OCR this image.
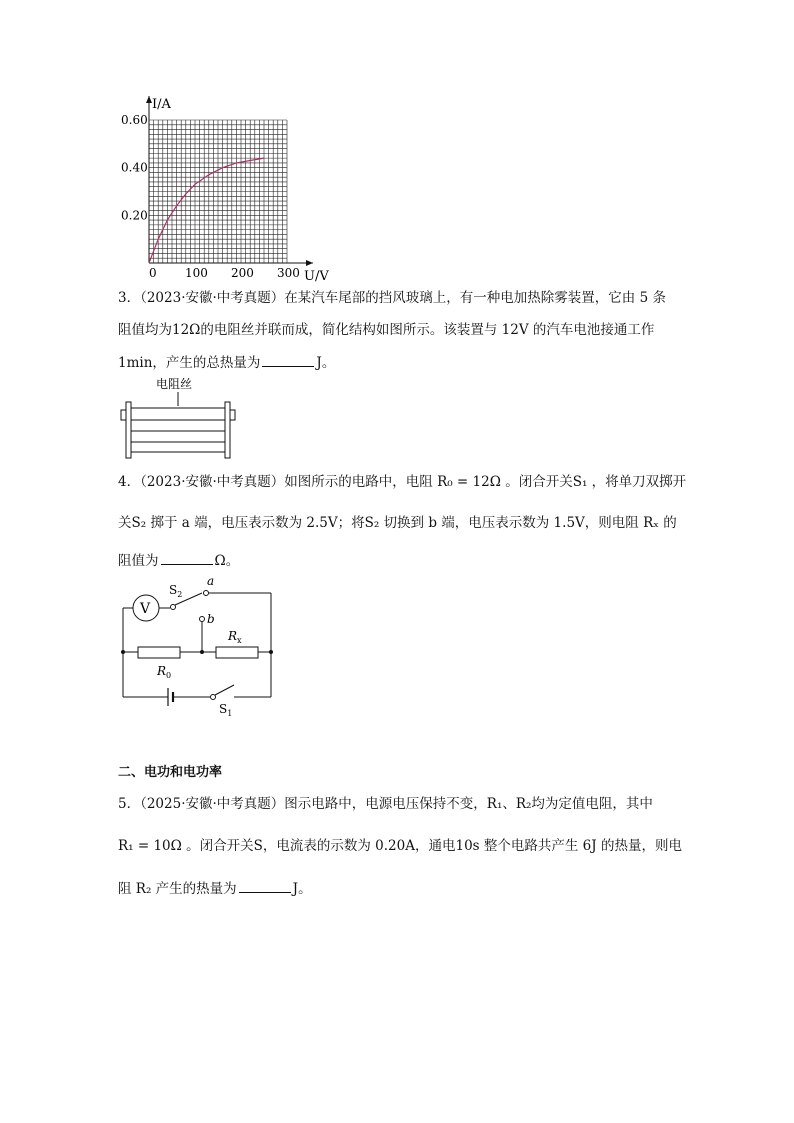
0 100 200 300
0.20
0.40
0.60
I/A
U/V
3．（2023·安徽·中考真题）在某汽车尾部的挡风玻璃上，有一种电加热除雾装置，它由 5 条
阻值均为12Ω的电阻丝并联而成，简化结构如图所示。该装置与 12V 的汽车电池接通工作
1min，产生的总热量为	J。
电阻丝
4．（2023·安徽·中考真题）如图所示的电路中，电阻 R₀ = 12Ω 。闭合开关S₁ ，将单刀双掷开
关S₂ 掷于 a 端，电压表示数为 2.5V；将S₂ 切换到 b 端，电压表示数为 1.5V，则电阻 Rₓ 的
阻值为	Ω。
V
$S_2$
a
b
$R_x$
$R_0$
$S_1$
二、电功和电功率
5．（2025·安徽·中考真题）图示电路中，电源电压保持不变，R₁、R₂均为定值电阻，其中
R₁ = 10Ω 。闭合开关S，电流表的示数为 0.20A，通电10s 整个电路共产生 6J 的热量，则电
阻 R₂ 产生的热量为	J。
